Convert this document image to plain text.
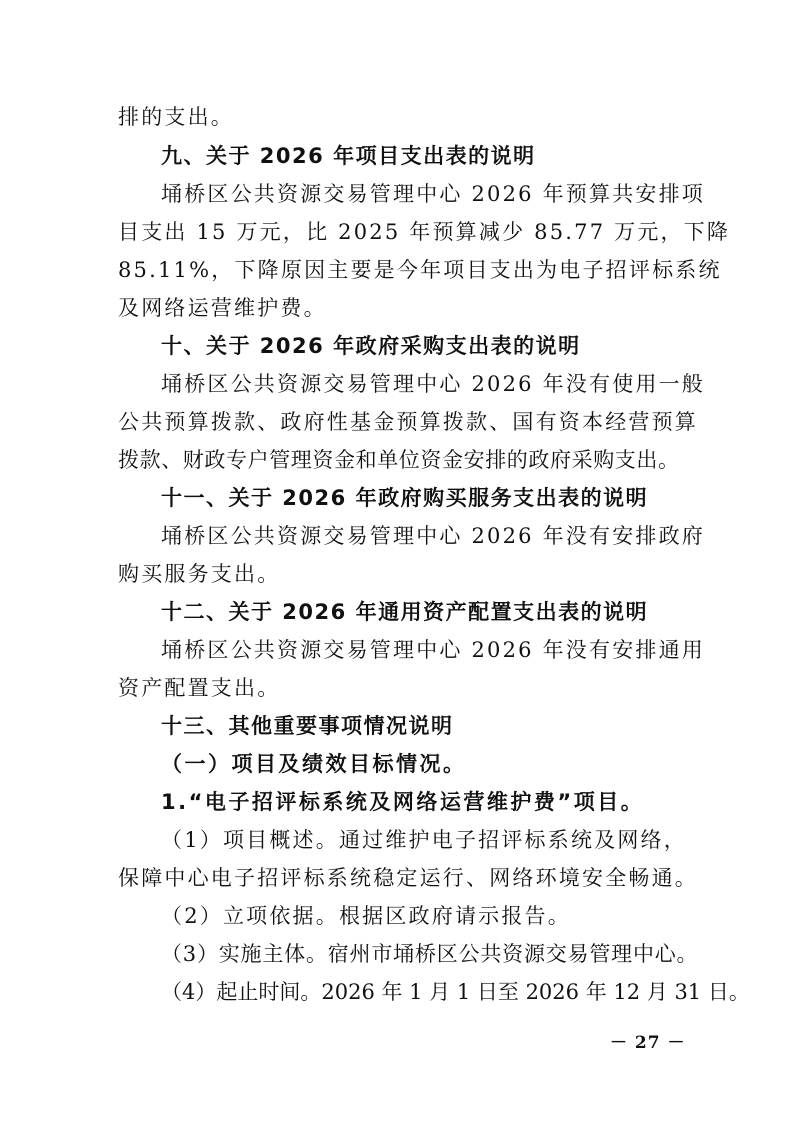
排的支出。
九、关于 2026 年项目支出表的说明
埇桥区公共资源交易管理中心 2026 年预算共安排项
目支出 15 万元，比 2025 年预算减少 85.77 万元，下降
85.11%，下降原因主要是今年项目支出为电子招评标系统
及网络运营维护费。
十、关于 2026 年政府采购支出表的说明
埇桥区公共资源交易管理中心 2026 年没有使用一般
公共预算拨款、政府性基金预算拨款、国有资本经营预算
拨款、财政专户管理资金和单位资金安排的政府采购支出。
十一、关于 2026 年政府购买服务支出表的说明
埇桥区公共资源交易管理中心 2026 年没有安排政府
购买服务支出。
十二、关于 2026 年通用资产配置支出表的说明
埇桥区公共资源交易管理中心 2026 年没有安排通用
资产配置支出。
十三、其他重要事项情况说明
（一）项目及绩效目标情况。
1.“电子招评标系统及网络运营维护费”项目。
（1）项目概述。通过维护电子招评标系统及网络，
保障中心电子招评标系统稳定运行、网络环境安全畅通。
（2）立项依据。根据区政府请示报告。
（3）实施主体。宿州市埇桥区公共资源交易管理中心。
（4）起止时间。2026 年 1 月 1 日至 2026 年 12 月 31 日。
－ 27 －
